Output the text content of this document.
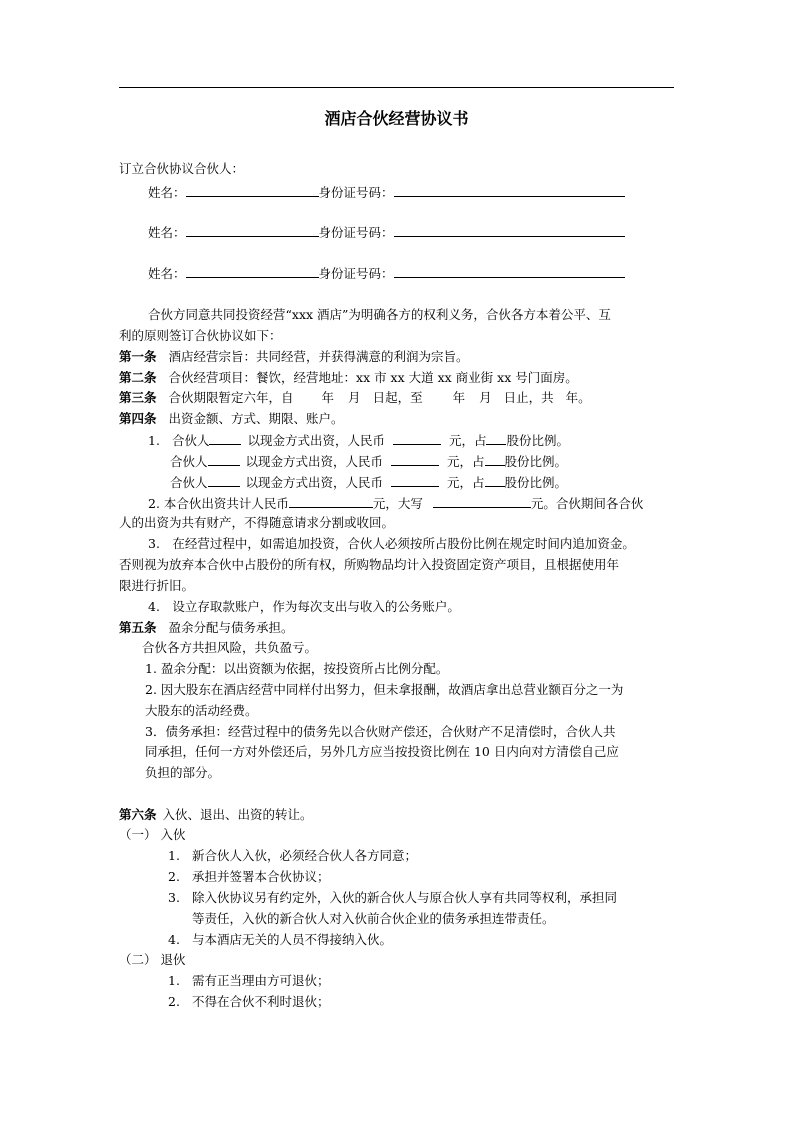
酒店合伙经营协议书
订立合伙协议合伙人：
姓名：	身份证号码：
姓名：	身份证号码：
姓名：	身份证号码：
合伙方同意共同投资经营“xxx 酒店”为明确各方的权利义务，合伙各方本着公平、互
利的原则签订合伙协议如下：
第一条 酒店经营宗旨：共同经营，并获得满意的利润为宗旨。
第二条 合伙经营项目：餐饮，经营地址：xx 市 xx 大道 xx 商业街 xx 号门面房。
第三条 合伙期限暂定六年，自 年 月 日起，至 年 月 日止，共 年。
第四条 出资金额、方式、期限、账户。
1. 合伙人	以现金方式出资，人民币	元，占 股份比例。
合伙人	以现金方式出资，人民币	元，占 股份比例。
合伙人	以现金方式出资，人民币	元，占 股份比例。
2. 本合伙出资共计人民币	元，大写	元。合伙期间各合伙
人的出资为共有财产，不得随意请求分割或收回。
3.　在经营过程中，如需追加投资，合伙人必须按所占股份比例在规定时间内追加资金。
否则视为放弃本合伙中占股份的所有权，所购物品均计入投资固定资产项目，且根据使用年
限进行折旧。
4.　设立存取款账户，作为每次支出与收入的公务账户。
第五条 盈余分配与债务承担。
合伙各方共担风险，共负盈亏。
1. 盈余分配：以出资额为依据，按投资所占比例分配。
2. 因大股东在酒店经营中同样付出努力，但未拿报酬，故酒店拿出总营业额百分之一为
大股东的活动经费。
3．债务承担：经营过程中的债务先以合伙财产偿还，合伙财产不足清偿时，合伙人共
同承担，任何一方对外偿还后，另外几方应当按投资比例在 10 日内向对方清偿自己应
负担的部分。
第六条 入伙、退出、出资的转让。
（一） 入伙
1. 新合伙人入伙，必须经合伙人各方同意；
2. 承担并签署本合伙协议；
3. 除入伙协议另有约定外，入伙的新合伙人与原合伙人享有共同等权利，承担同
等责任，入伙的新合伙人对入伙前合伙企业的债务承担连带责任。
4. 与本酒店无关的人员不得接纳入伙。
（二） 退伙
1. 需有正当理由方可退伙；
2. 不得在合伙不利时退伙；
